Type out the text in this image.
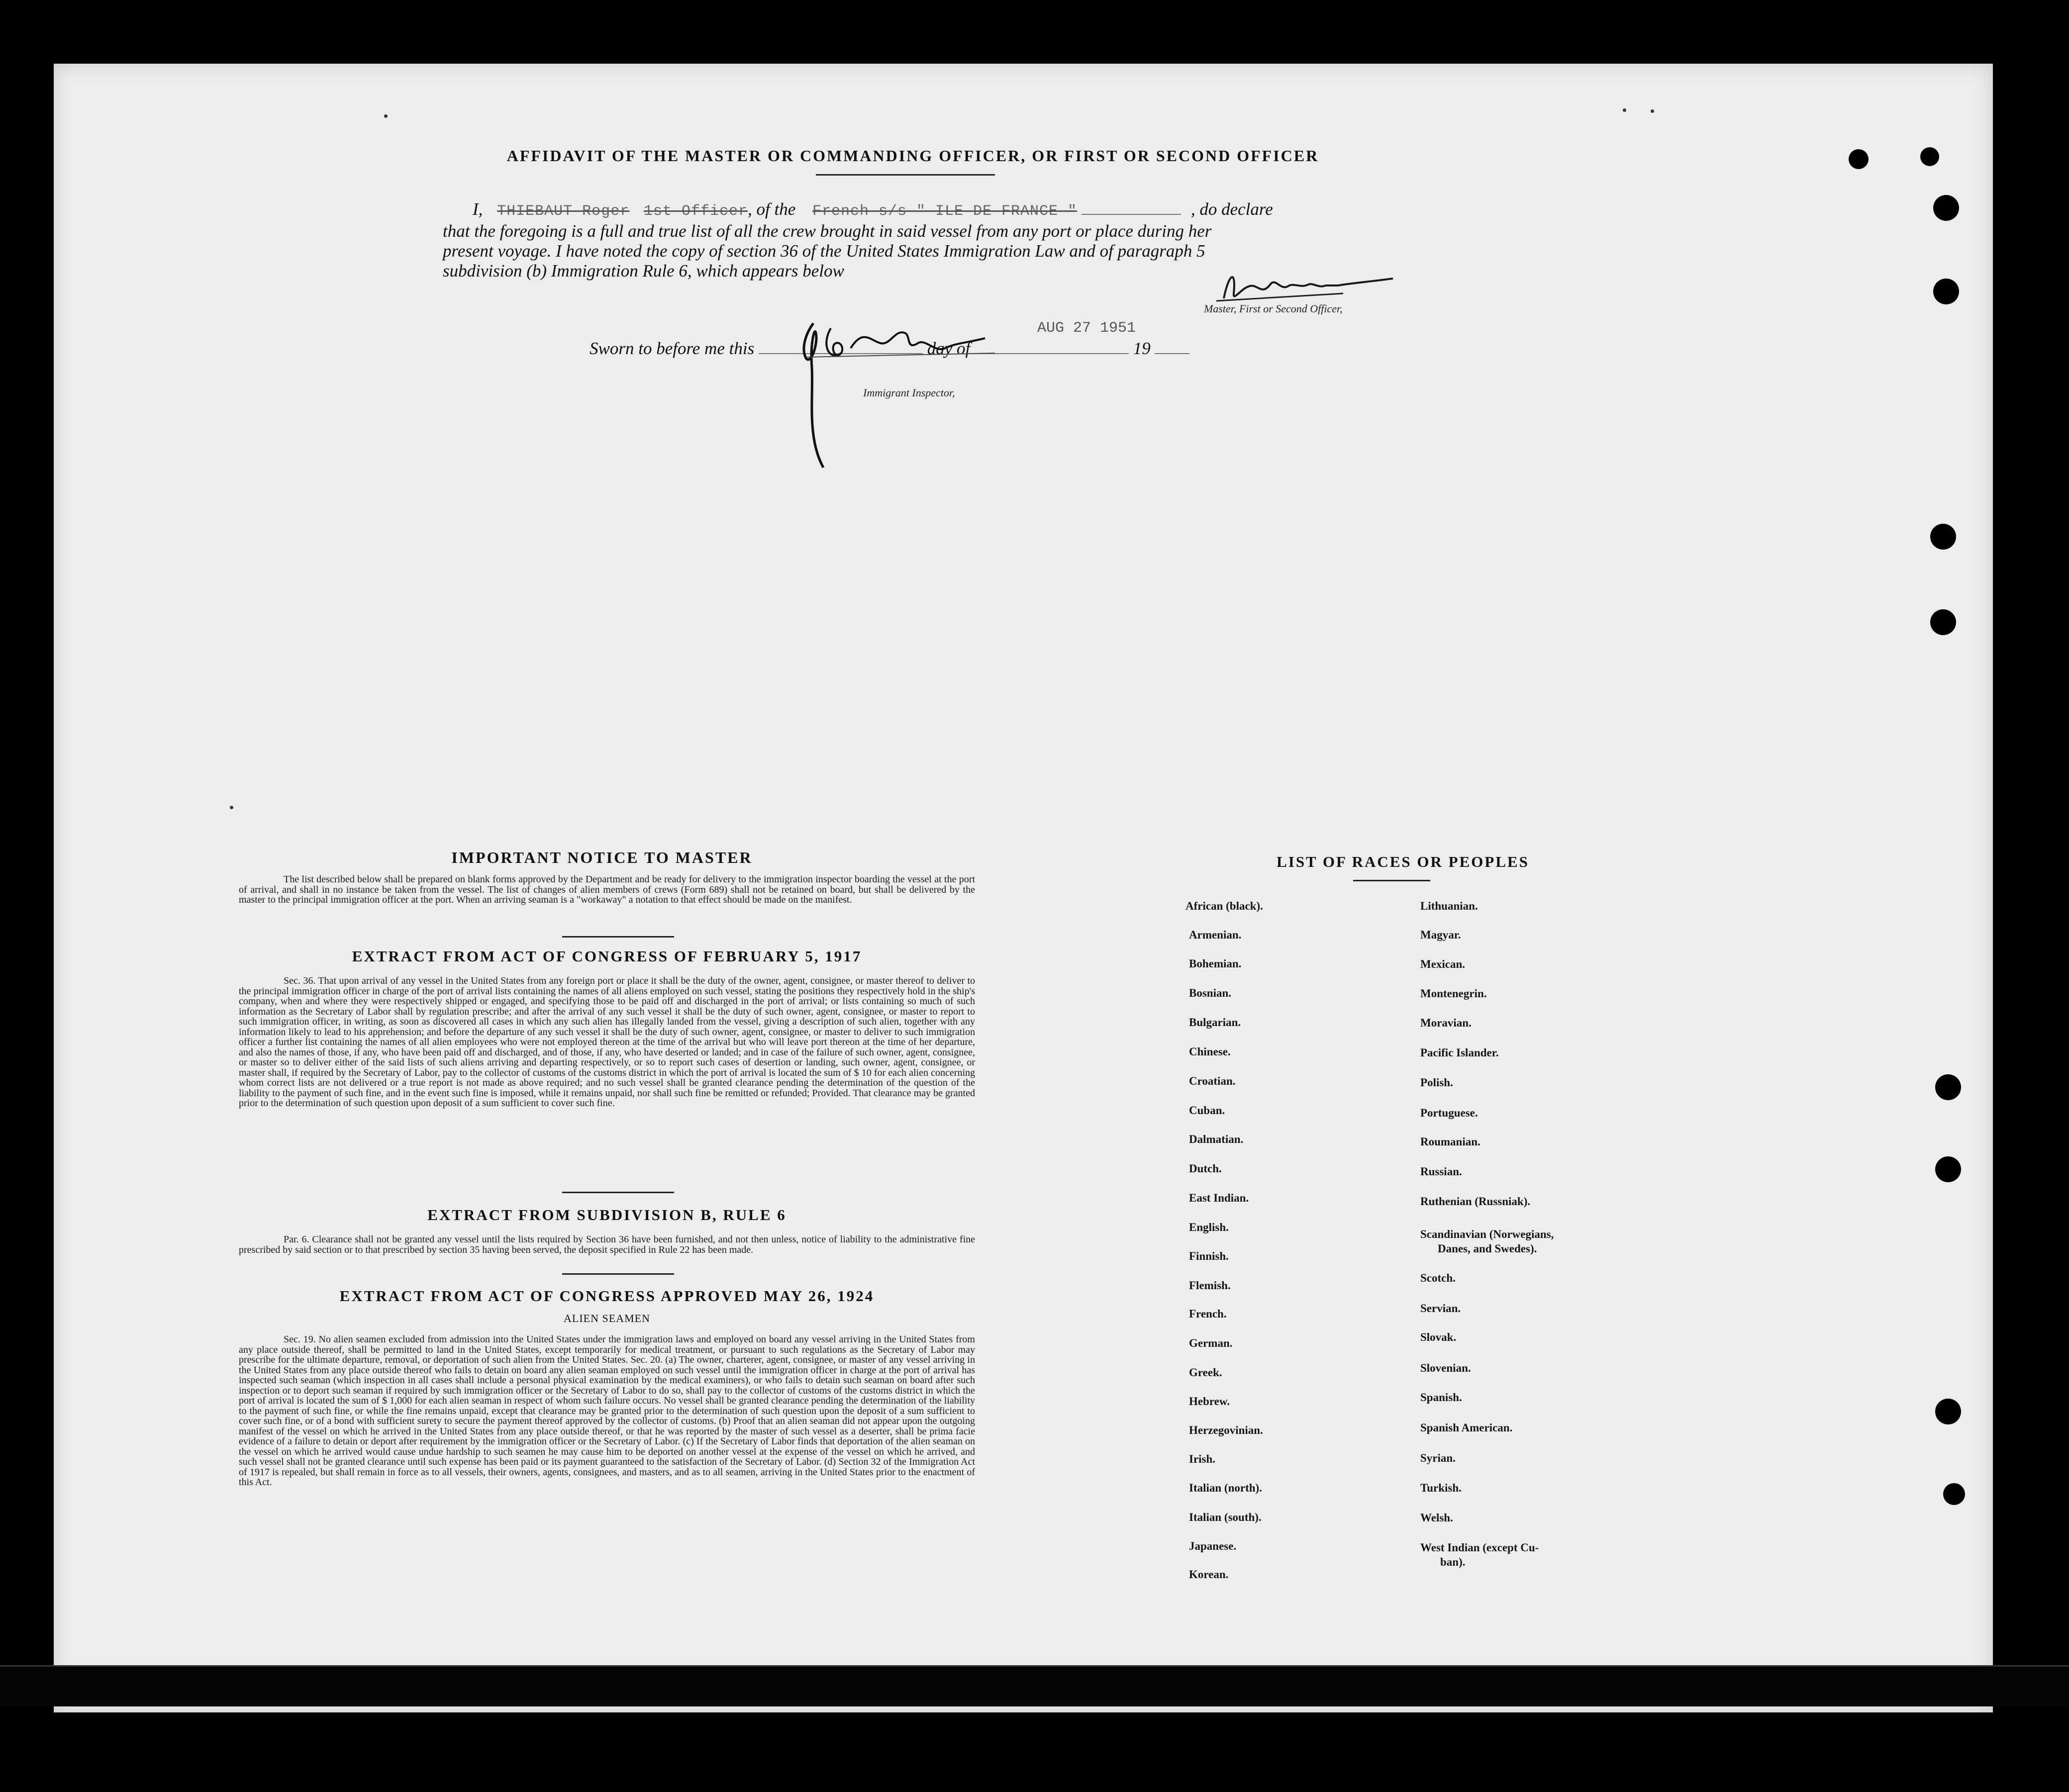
AFFIDAVIT OF THE MASTER OR COMMANDING OFFICER, OR FIRST OR SECOND OFFICER
I, THIEBAUT Roger 1st Officer, of the French s/s " ILE DE FRANCE "	, do declare
that the foregoing is a full and true list of all the crew brought in said vessel from any port or place during her
present voyage. I have noted the copy of section 36 of the United States Immigration Law and of paragraph 5
subdivision (b) Immigration Rule 6, which appears below
Master, First or Second Officer,
Sworn to before me this	day of	19
AUG 27 1951
Immigrant Inspector,
IMPORTANT NOTICE TO MASTER
The list described below shall be prepared on blank forms approved by the Department and be ready for delivery to the immigration inspector boarding the vessel at the port of arrival, and shall in no instance be taken from the vessel. The list of changes of alien members of crews (Form 689) shall not be retained on board, but shall be delivered by the master to the principal immigration officer at the port. When an arriving seaman is a "workaway" a notation to that effect should be made on the manifest.
EXTRACT FROM ACT OF CONGRESS OF FEBRUARY 5, 1917
Sec. 36. That upon arrival of any vessel in the United States from any foreign port or place it shall be the duty of the owner, agent, consignee, or master thereof to deliver to the principal immigration officer in charge of the port of arrival lists containing the names of all aliens employed on such vessel, stating the positions they respectively hold in the ship's company, when and where they were respectively shipped or engaged, and specifying those to be paid off and discharged in the port of arrival; or lists containing so much of such information as the Secretary of Labor shall by regulation prescribe; and after the arrival of any such vessel it shall be the duty of such owner, agent, consignee, or master to report to such immigration officer, in writing, as soon as discovered all cases in which any such alien has illegally landed from the vessel, giving a description of such alien, together with any information likely to lead to his apprehension; and before the departure of any such vessel it shall be the duty of such owner, agent, consignee, or master to deliver to such immigration officer a further list containing the names of all alien employees who were not employed thereon at the time of the arrival but who will leave port thereon at the time of her departure, and also the names of those, if any, who have been paid off and discharged, and of those, if any, who have deserted or landed; and in case of the failure of such owner, agent, consignee, or master so to deliver either of the said lists of such aliens arriving and departing respectively, or so to report such cases of desertion or landing, such owner, agent, consignee, or master shall, if required by the Secretary of Labor, pay to the collector of customs of the customs district in which the port of arrival is located the sum of $ 10 for each alien concerning whom correct lists are not delivered or a true report is not made as above required; and no such vessel shall be granted clearance pending the determination of the question of the liability to the payment of such fine, and in the event such fine is imposed, while it remains unpaid, nor shall such fine be remitted or refunded; Provided. That clearance may be granted prior to the determination of such question upon deposit of a sum sufficient to cover such fine.
EXTRACT FROM SUBDIVISION B, RULE 6
Par. 6. Clearance shall not be granted any vessel until the lists required by Section 36 have been furnished, and not then unless, notice of liability to the administrative fine prescribed by said section or to that prescribed by section 35 having been served, the deposit specified in Rule 22 has been made.
EXTRACT FROM ACT OF CONGRESS APPROVED MAY 26, 1924
ALIEN SEAMEN
Sec. 19. No alien seamen excluded from admission into the United States under the immigration laws and employed on board any vessel arriving in the United States from any place outside thereof, shall be permitted to land in the United States, except temporarily for medical treatment, or pursuant to such regulations as the Secretary of Labor may prescribe for the ultimate departure, removal, or deportation of such alien from the United States. Sec. 20. (a) The owner, charterer, agent, consignee, or master of any vessel arriving in the United States from any place outside thereof who fails to detain on board any alien seaman employed on such vessel until the immigration officer in charge at the port of arrival has inspected such seaman (which inspection in all cases shall include a personal physical examination by the medical examiners), or who fails to detain such seaman on board after such inspection or to deport such seaman if required by such immigration officer or the Secretary of Labor to do so, shall pay to the collector of customs of the customs district in which the port of arrival is located the sum of $ 1,000 for each alien seaman in respect of whom such failure occurs. No vessel shall be granted clearance pending the determination of the liability to the payment of such fine, or while the fine remains unpaid, except that clearance may be granted prior to the determination of such question upon the deposit of a sum sufficient to cover such fine, or of a bond with sufficient surety to secure the payment thereof approved by the collector of customs. (b) Proof that an alien seaman did not appear upon the outgoing manifest of the vessel on which he arrived in the United States from any place outside thereof, or that he was reported by the master of such vessel as a deserter, shall be prima facie evidence of a failure to detain or deport after requirement by the immigration officer or the Secretary of Labor. (c) If the Secretary of Labor finds that deportation of the alien seaman on the vessel on which he arrived would cause undue hardship to such seamen he may cause him to be deported on another vessel at the expense of the vessel on which he arrived, and such vessel shall not be granted clearance until such expense has been paid or its payment guaranteed to the satisfaction of the Secretary of Labor. (d) Section 32 of the Immigration Act of 1917 is repealed, but shall remain in force as to all vessels, their owners, agents, consignees, and masters, and as to all seamen, arriving in the United States prior to the enactment of this Act.
LIST OF RACES OR PEOPLES
African (black).
Armenian.
Bohemian.
Bosnian.
Bulgarian.
Chinese.
Croatian.
Cuban.
Dalmatian.
Dutch.
East Indian.
English.
Finnish.
Flemish.
French.
German.
Greek.
Hebrew.
Herzegovinian.
Irish.
Italian (north).
Italian (south).
Japanese.
Korean.
Lithuanian.
Magyar.
Mexican.
Montenegrin.
Moravian.
Pacific Islander.
Polish.
Portuguese.
Roumanian.
Russian.
Ruthenian (Russniak).
Scandinavian (Norwegians,
Danes, and Swedes).
Scotch.
Servian.
Slovak.
Slovenian.
Spanish.
Spanish American.
Syrian.
Turkish.
Welsh.
West Indian (except Cu-
ban).
